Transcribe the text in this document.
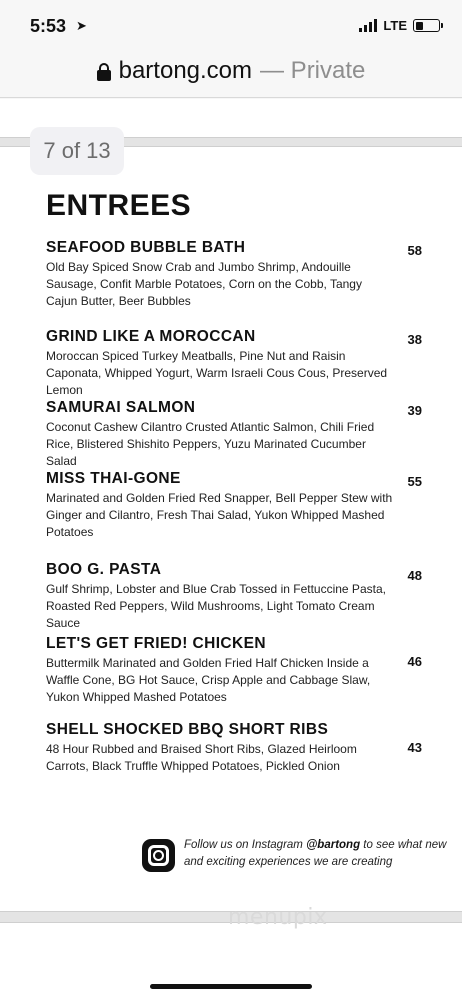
5:53 ➤	LTE
bartong.com — Private
7 of 13
ENTREES
SEAFOOD BUBBLE BATH
Old Bay Spiced Snow Crab and Jumbo Shrimp, Andouille Sausage, Confit Marble Potatoes, Corn on the Cobb, Tangy Cajun Butter, Beer Bubbles
58
GRIND LIKE A MOROCCAN
Moroccan Spiced Turkey Meatballs, Pine Nut and Raisin Caponata, Whipped Yogurt, Warm Israeli Cous Cous, Preserved Lemon
38
SAMURAI SALMON
Coconut Cashew Cilantro Crusted Atlantic Salmon, Chili Fried Rice, Blistered Shishito Peppers, Yuzu Marinated Cucumber Salad
39
MISS THAI-GONE
Marinated and Golden Fried Red Snapper, Bell Pepper Stew with Ginger and Cilantro, Fresh Thai Salad, Yukon Whipped Mashed Potatoes
55
BOO G. PASTA
Gulf Shrimp, Lobster and Blue Crab Tossed in Fettuccine Pasta, Roasted Red Peppers, Wild Mushrooms, Light Tomato Cream Sauce
48
LET'S GET FRIED! CHICKEN
Buttermilk Marinated and Golden Fried Half Chicken Inside a Waffle Cone, BG Hot Sauce, Crisp Apple and Cabbage Slaw, Yukon Whipped Mashed Potatoes
46
SHELL SHOCKED BBQ SHORT RIBS
48 Hour Rubbed and Braised Short Ribs, Glazed Heirloom Carrots, Black Truffle Whipped Potatoes, Pickled Onion
43
Follow us on Instagram @bartong to see what new and exciting experiences we are creating
menupix
